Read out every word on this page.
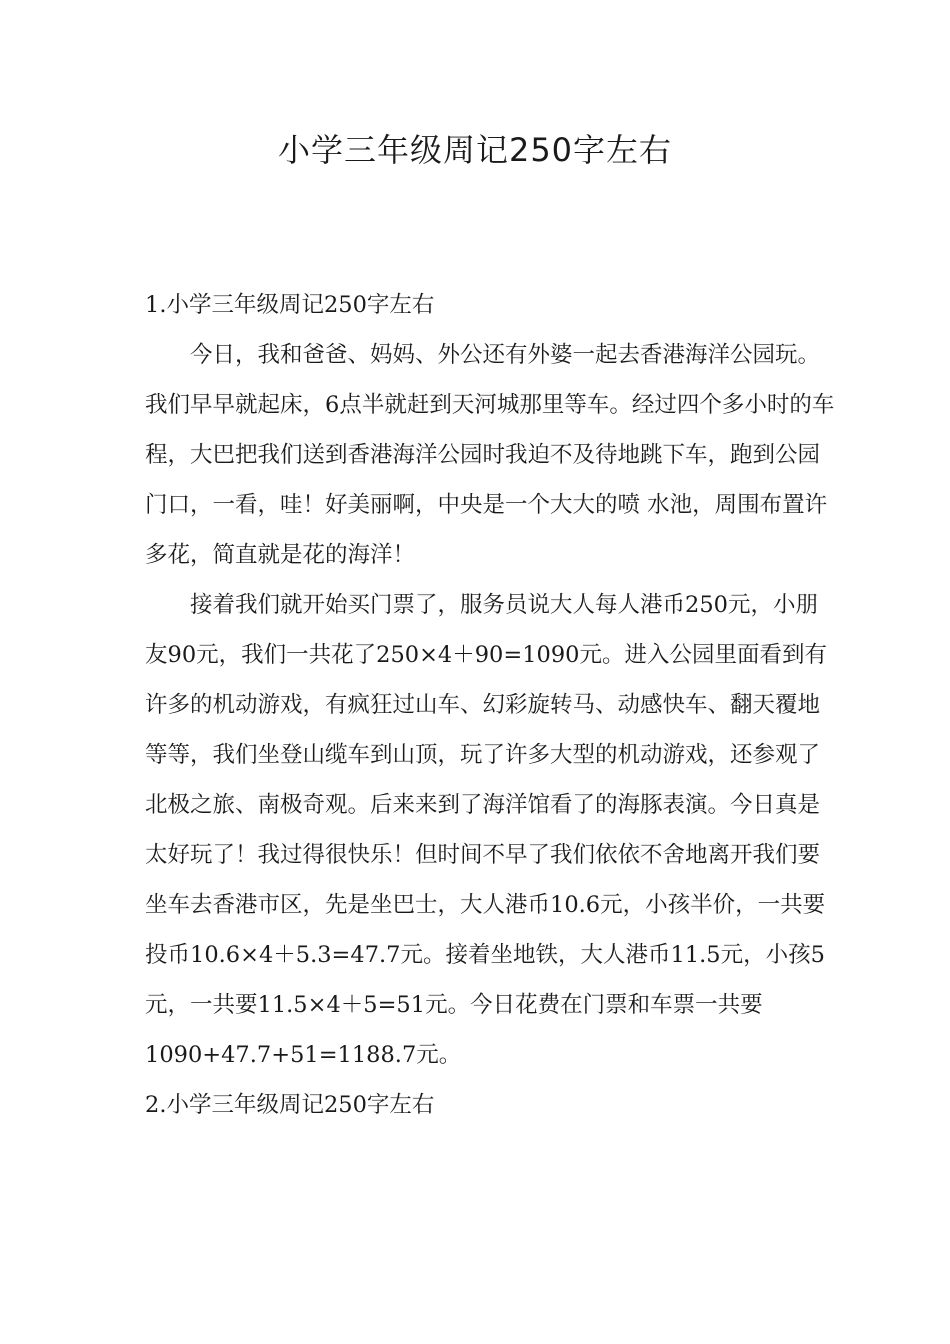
小学三年级周记250字左右

1.小学三年级周记250字左右

今日，我和爸爸、妈妈、外公还有外婆一起去香港海洋公园玩。我们早早就起床，6点半就赶到天河城那里等车。经过四个多小时的车程，大巴把我们送到香港海洋公园时我迫不及待地跳下车，跑到公园门口，一看，哇！好美丽啊，中央是一个大大的喷 水池，周围布置许多花，简直就是花的海洋！

接着我们就开始买门票了，服务员说大人每人港币250元，小朋友90元，我们一共花了250×4＋90=1090元。进入公园里面看到有许多的机动游戏，有疯狂过山车、幻彩旋转马、动感快车、翻天覆地等等，我们坐登山缆车到山顶，玩了许多大型的机动游戏，还参观了北极之旅、南极奇观。后来来到了海洋馆看了的海豚表演。今日真是太好玩了！我过得很快乐！但时间不早了我们依依不舍地离开我们要坐车去香港市区，先是坐巴士，大人港币10.6元，小孩半价，一共要投币10.6×4＋5.3=47.7元。接着坐地铁，大人港币11.5元，小孩5元，一共要11.5×4＋5=51元。今日花费在门票和车票一共要1090+47.7+51=1188.7元。

2.小学三年级周记250字左右
